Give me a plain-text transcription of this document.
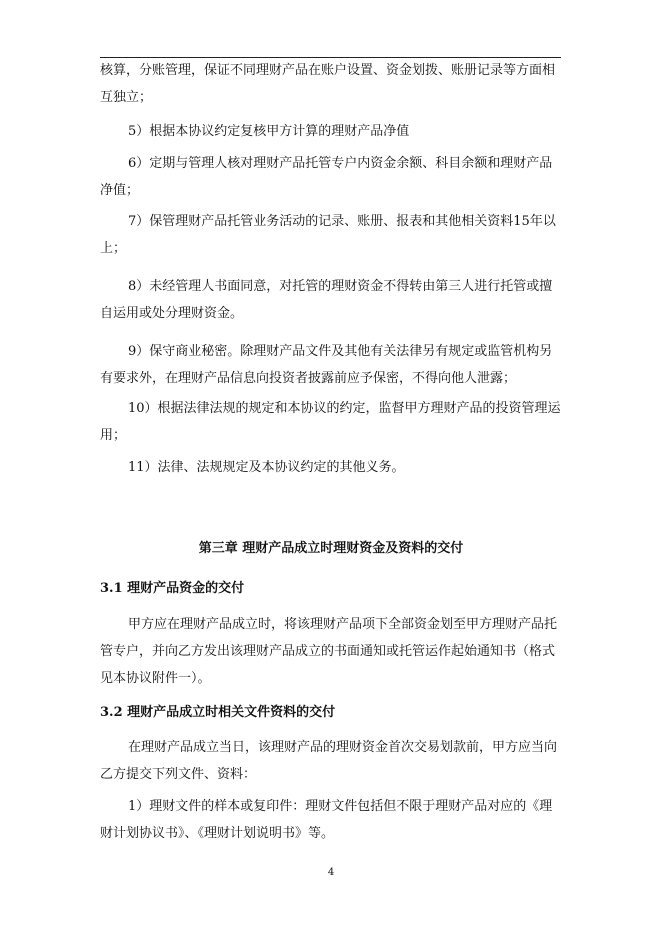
核算，分账管理，保证不同理财产品在账户设置、资金划拨、账册记录等方面相互独立；

5）根据本协议约定复核甲方计算的理财产品净值

6）定期与管理人核对理财产品托管专户内资金余额、科目余额和理财产品净值；

7）保管理财产品托管业务活动的记录、账册、报表和其他相关资料15年以上；

8）未经管理人书面同意，对托管的理财资金不得转由第三人进行托管或擅自运用或处分理财资金。

9）保守商业秘密。除理财产品文件及其他有关法律另有规定或监管机构另有要求外，在理财产品信息向投资者披露前应予保密，不得向他人泄露；

10）根据法律法规的规定和本协议的约定，监督甲方理财产品的投资管理运用；

11）法律、法规规定及本协议约定的其他义务。

第三章 理财产品成立时理财资金及资料的交付

3.1 理财产品资金的交付

甲方应在理财产品成立时，将该理财产品项下全部资金划至甲方理财产品托管专户，并向乙方发出该理财产品成立的书面通知或托管运作起始通知书（格式见本协议附件一）。

3.2 理财产品成立时相关文件资料的交付

在理财产品成立当日，该理财产品的理财资金首次交易划款前，甲方应当向乙方提交下列文件、资料：

1）理财文件的样本或复印件：理财文件包括但不限于理财产品对应的《理财计划协议书》、《理财计划说明书》等。

4
